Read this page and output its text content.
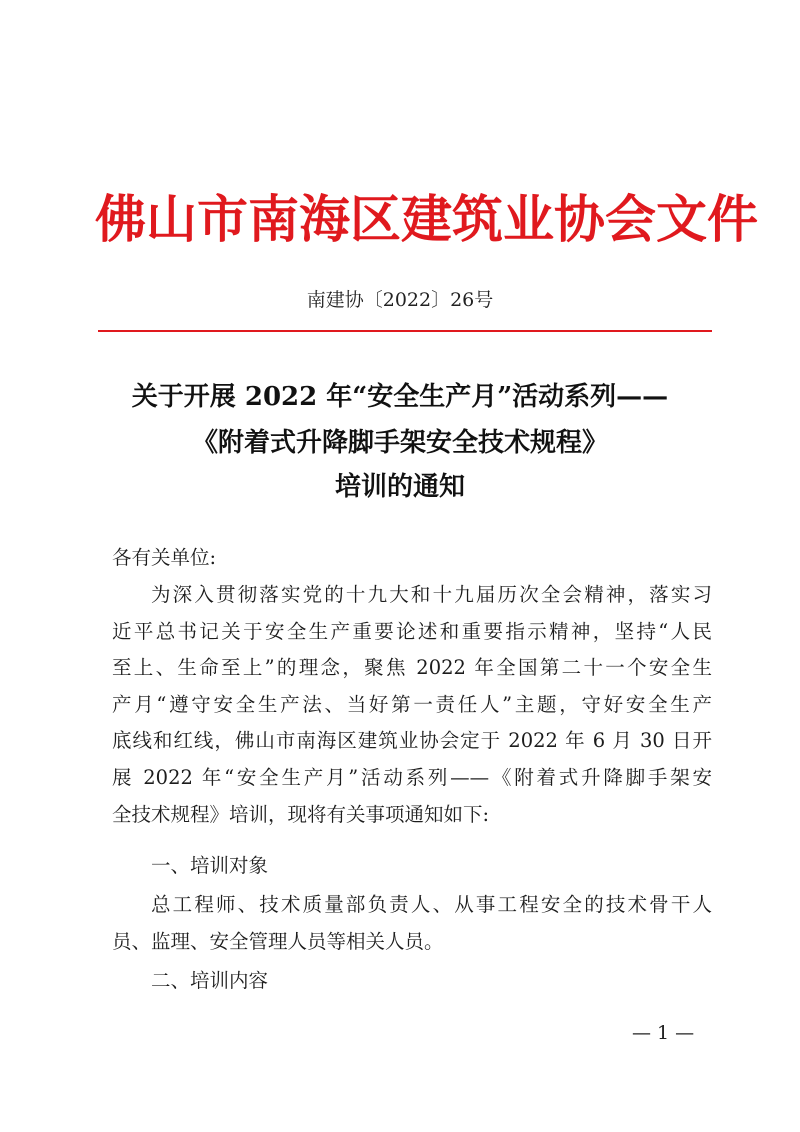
佛山市南海区建筑业协会文件
南建协〔2022〕26号
关于开展 2022 年“安全生产月”活动系列——
《附着式升降脚手架安全技术规程》
培训的通知
各有关单位:
为深入贯彻落实党的十九大和十九届历次全会精神，落实习
近平总书记关于安全生产重要论述和重要指示精神，坚持“人民
至上、生命至上”的理念，聚焦 2022 年全国第二十一个安全生
产月“遵守安全生产法、当好第一责任人”主题，守好安全生产
底线和红线，佛山市南海区建筑业协会定于 2022 年 6 月 30 日开
展 2022 年“安全生产月”活动系列——《附着式升降脚手架安
全技术规程》培训，现将有关事项通知如下:
一、培训对象
总工程师、技术质量部负责人、从事工程安全的技术骨干人
员、监理、安全管理人员等相关人员。
二、培训内容
— 1 —
